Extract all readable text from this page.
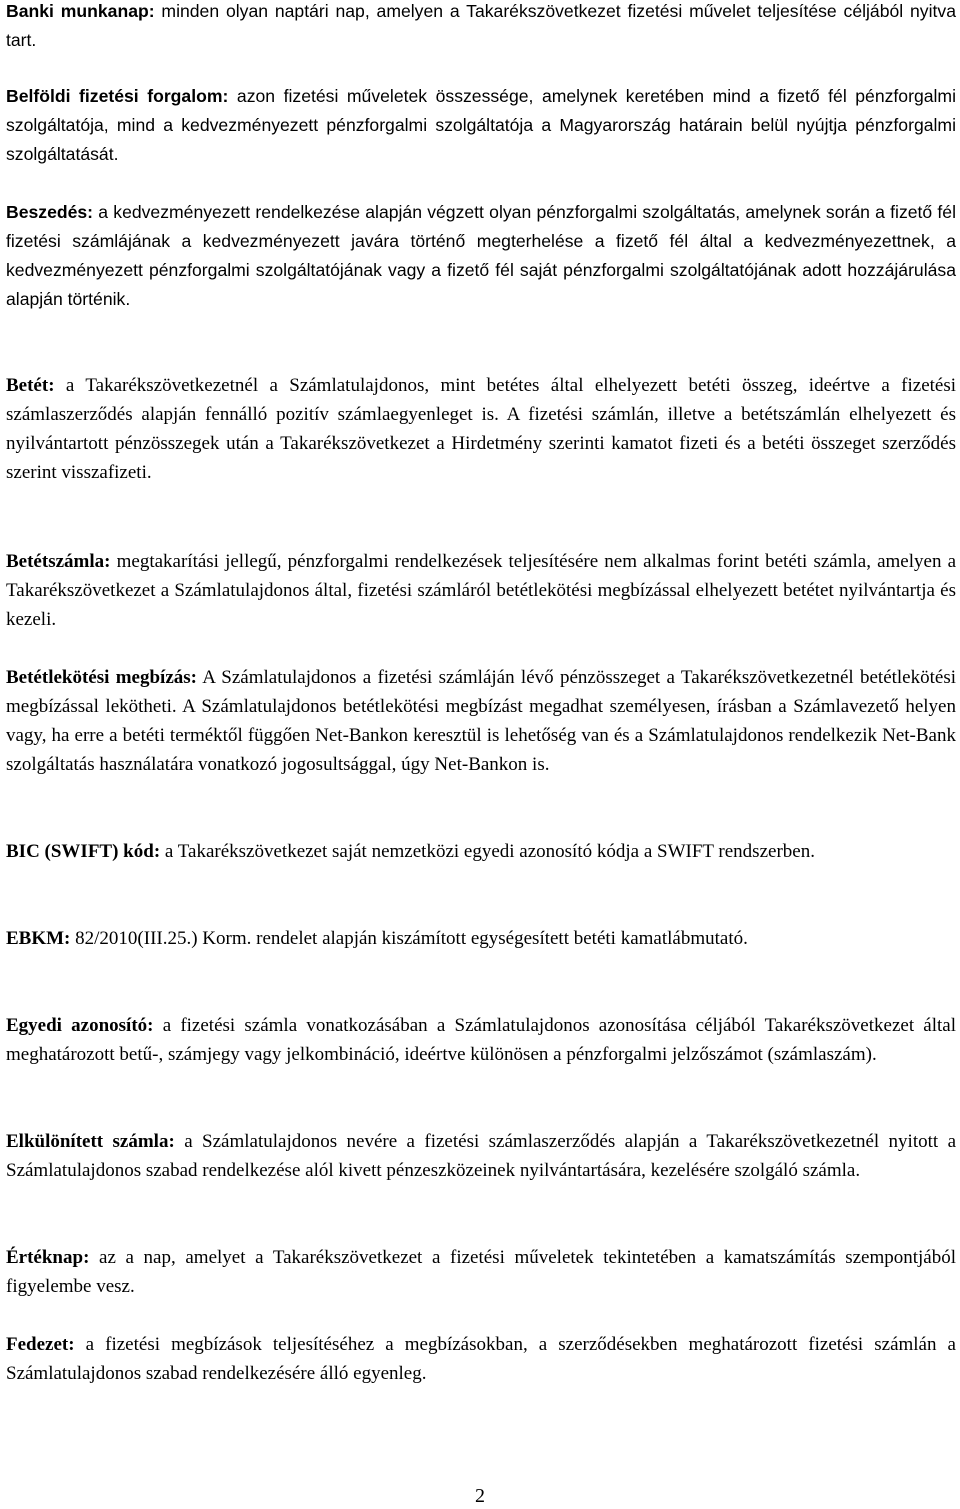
Banki munkanap: minden olyan naptári nap, amelyen a Takarékszövetkezet fizetési művelet teljesítése céljából nyitva tart.

Belföldi fizetési forgalom: azon fizetési műveletek összessége, amelynek keretében mind a fizető fél pénzforgalmi szolgáltatója, mind a kedvezményezett pénzforgalmi szolgáltatója a Magyarország határain belül nyújtja pénzforgalmi szolgáltatását.

Beszedés: a kedvezményezett rendelkezése alapján végzett olyan pénzforgalmi szolgáltatás, amelynek során a fizető fél fizetési számlájának a kedvezményezett javára történő megterhelése a fizető fél által a kedvezményezettnek, a kedvezményezett pénzforgalmi szolgáltatójának vagy a fizető fél saját pénzforgalmi szolgáltatójának adott hozzájárulása alapján történik.

Betét: a Takarékszövetkezetnél a Számlatulajdonos, mint betétes által elhelyezett betéti összeg, ideértve a fizetési számlaszerződés alapján fennálló pozitív számlaegyenleget is. A fizetési számlán, illetve a betétszámlán elhelyezett és nyilvántartott pénzösszegek után a Takarékszövetkezet a Hirdetmény szerinti kamatot fizeti és a betéti összeget szerződés szerint visszafizeti.

Betétszámla: megtakarítási jellegű, pénzforgalmi rendelkezések teljesítésére nem alkalmas forint betéti számla, amelyen a Takarékszövetkezet a Számlatulajdonos által, fizetési számláról betétlekötési megbízással elhelyezett betétet nyilvántartja és kezeli.

Betétlekötési megbízás: A Számlatulajdonos a fizetési számláján lévő pénzösszeget a Takarékszövetkezetnél betétlekötési megbízással lekötheti. A Számlatulajdonos betétlekötési megbízást megadhat személyesen, írásban a Számlavezető helyen vagy, ha erre a betéti terméktől függően Net-Bankon keresztül is lehetőség van és a Számlatulajdonos rendelkezik Net-Bank szolgáltatás használatára vonatkozó jogosultsággal, úgy Net-Bankon is.

BIC (SWIFT) kód: a Takarékszövetkezet saját nemzetközi egyedi azonosító kódja a SWIFT rendszerben.

EBKM: 82/2010(III.25.) Korm. rendelet alapján kiszámított egységesített betéti kamatlábmutató.

Egyedi azonosító: a fizetési számla vonatkozásában a Számlatulajdonos azonosítása céljából Takarékszövetkezet által meghatározott betű-, számjegy vagy jelkombináció, ideértve különösen a pénzforgalmi jelzőszámot (számlaszám).

Elkülönített számla: a Számlatulajdonos nevére a fizetési számlaszerződés alapján a Takarékszövetkezetnél nyitott a Számlatulajdonos szabad rendelkezése alól kivett pénzeszközeinek nyilvántartására, kezelésére szolgáló számla.

Értéknap: az a nap, amelyet a Takarékszövetkezet a fizetési műveletek tekintetében a kamatszámítás szempontjából figyelembe vesz.

Fedezet: a fizetési megbízások teljesítéséhez a megbízásokban, a szerződésekben meghatározott fizetési számlán a Számlatulajdonos szabad rendelkezésére álló egyenleg.

2
